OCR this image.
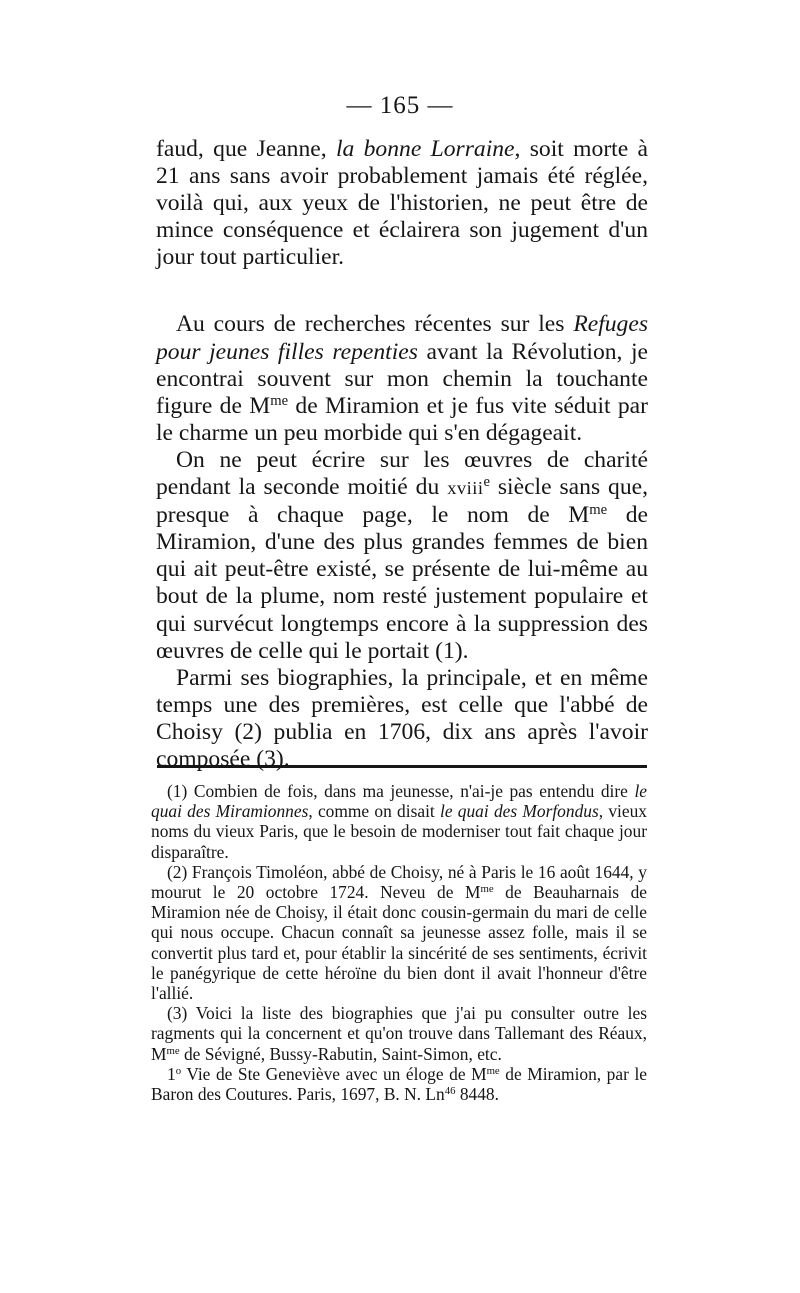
— 165 —

faud, que Jeanne, la bonne Lorraine, soit morte à 21 ans sans avoir probablement jamais été réglée, voilà qui, aux yeux de l'historien, ne peut être de mince conséquence et éclairera son jugement d'un jour tout particulier.

Au cours de recherches récentes sur les Refuges pour jeunes filles repenties avant la Révolution, je encontrai souvent sur mon chemin la touchante figure de $M^{me}$ de Miramion et je fus vite séduit par le charme un peu morbide qui s'en dégageait.

On ne peut écrire sur les œuvres de charité pendant la seconde moitié du xviii$^e$ siècle sans que, presque à chaque page, le nom de $M^{me}$ de Miramion, d'une des plus grandes femmes de bien qui ait peut-être existé, se présente de lui-même au bout de la plume, nom resté justement populaire et qui survécut longtemps encore à la suppression des œuvres de celle qui le portait (1).

Parmi ses biographies, la principale, et en même temps une des premières, est celle que l'abbé de Choisy (2) publia en 1706, dix ans après l'avoir composée (3).

(1) Combien de fois, dans ma jeunesse, n'ai-je pas entendu dire le quai des Miramionnes, comme on disait le quai des Morfondus, vieux noms du vieux Paris, que le besoin de moderniser tout fait chaque jour disparaître.

(2) François Timoléon, abbé de Choisy, né à Paris le 16 août 1644, y mourut le 20 octobre 1724. Neveu de $M^{me}$ de Beauharnais de Miramion née de Choisy, il était donc cousin-germain du mari de celle qui nous occupe. Chacun connaît sa jeunesse assez folle, mais il se convertit plus tard et, pour établir la sincérité de ses sentiments, écrivit le panégyrique de cette héroïne du bien dont il avait l'honneur d'être l'allié.

(3) Voici la liste des biographies que j'ai pu consulter outre les ragments qui la concernent et qu'on trouve dans Tallemant des Réaux, $M^{me}$ de Sévigné, Bussy-Rabutin, Saint-Simon, etc.

1$^o$ Vie de Ste Geneviève avec un éloge de $M^{me}$ de Miramion, par le Baron des Coutures. Paris, 1697, B. N. Ln$^{46}$ 8448.
